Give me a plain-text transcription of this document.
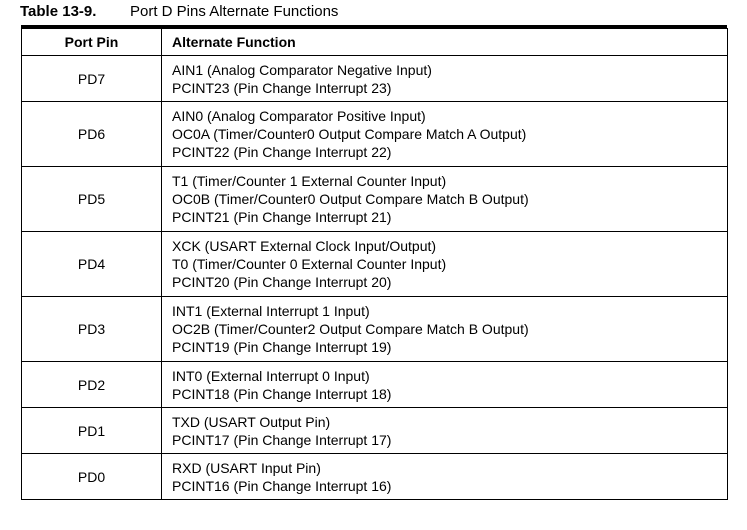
Table 13-9. Port D Pins Alternate Functions
Port Pin	Alternate Function
PD7	AIN1 (Analog Comparator Negative Input)
PCINT23 (Pin Change Interrupt 23)

PD6	AIN0 (Analog Comparator Positive Input)
OC0A (Timer/Counter0 Output Compare Match A Output)
PCINT22 (Pin Change Interrupt 22)

PD5	T1 (Timer/Counter 1 External Counter Input)
OC0B (Timer/Counter0 Output Compare Match B Output)
PCINT21 (Pin Change Interrupt 21)

PD4	XCK (USART External Clock Input/Output)
T0 (Timer/Counter 0 External Counter Input)
PCINT20 (Pin Change Interrupt 20)

PD3	INT1 (External Interrupt 1 Input)
OC2B (Timer/Counter2 Output Compare Match B Output)
PCINT19 (Pin Change Interrupt 19)

PD2	INT0 (External Interrupt 0 Input)
PCINT18 (Pin Change Interrupt 18)

PD1	TXD (USART Output Pin)
PCINT17 (Pin Change Interrupt 17)

PD0	RXD (USART Input Pin)
PCINT16 (Pin Change Interrupt 16)
